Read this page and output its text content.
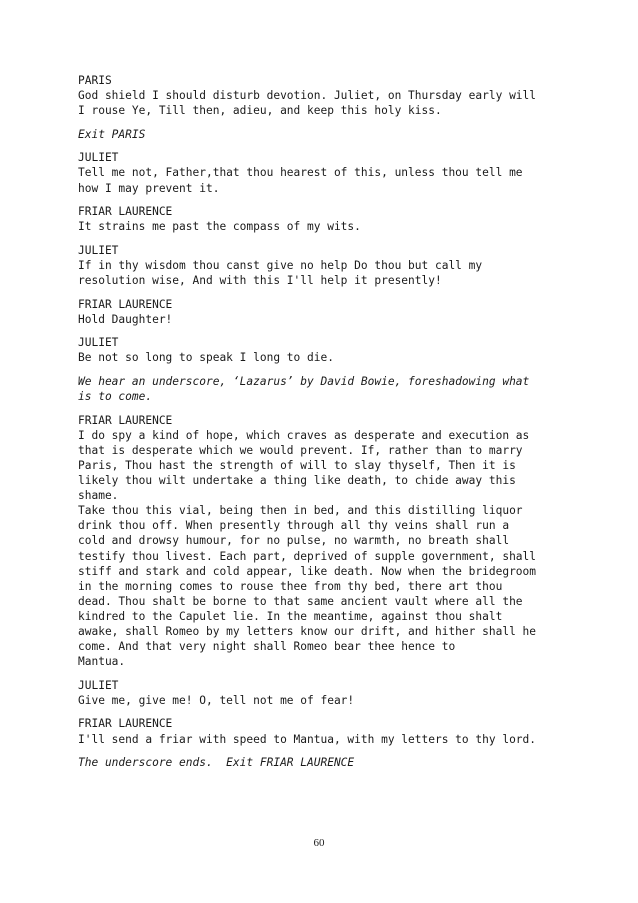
PARIS

God shield I should disturb devotion. Juliet, on Thursday early will

I rouse Ye, Till then, adieu, and keep this holy kiss.

Exit PARIS

JULIET

Tell me not, Father,that thou hearest of this, unless thou tell me

how I may prevent it.

FRIAR LAURENCE

It strains me past the compass of my wits.

JULIET

If in thy wisdom thou canst give no help Do thou but call my

resolution wise, And with this I'll help it presently!

FRIAR LAURENCE

Hold Daughter!

JULIET

Be not so long to speak I long to die.

We hear an underscore, ‘Lazarus’ by David Bowie, foreshadowing what

is to come.

FRIAR LAURENCE

I do spy a kind of hope, which craves as desperate and execution as

that is desperate which we would prevent. If, rather than to marry

Paris, Thou hast the strength of will to slay thyself, Then it is

likely thou wilt undertake a thing like death, to chide away this

shame.

Take thou this vial, being then in bed, and this distilling liquor

drink thou off. When presently through all thy veins shall run a

cold and drowsy humour, for no pulse, no warmth, no breath shall

testify thou livest. Each part, deprived of supple government, shall

stiff and stark and cold appear, like death. Now when the bridegroom

in the morning comes to rouse thee from thy bed, there art thou

dead. Thou shalt be borne to that same ancient vault where all the

kindred to the Capulet lie. In the meantime, against thou shalt

awake, shall Romeo by my letters know our drift, and hither shall he

come. And that very night shall Romeo bear thee hence to

Mantua.

JULIET

Give me, give me! O, tell not me of fear!

FRIAR LAURENCE

I'll send a friar with speed to Mantua, with my letters to thy lord.

The underscore ends.  Exit FRIAR LAURENCE

60
